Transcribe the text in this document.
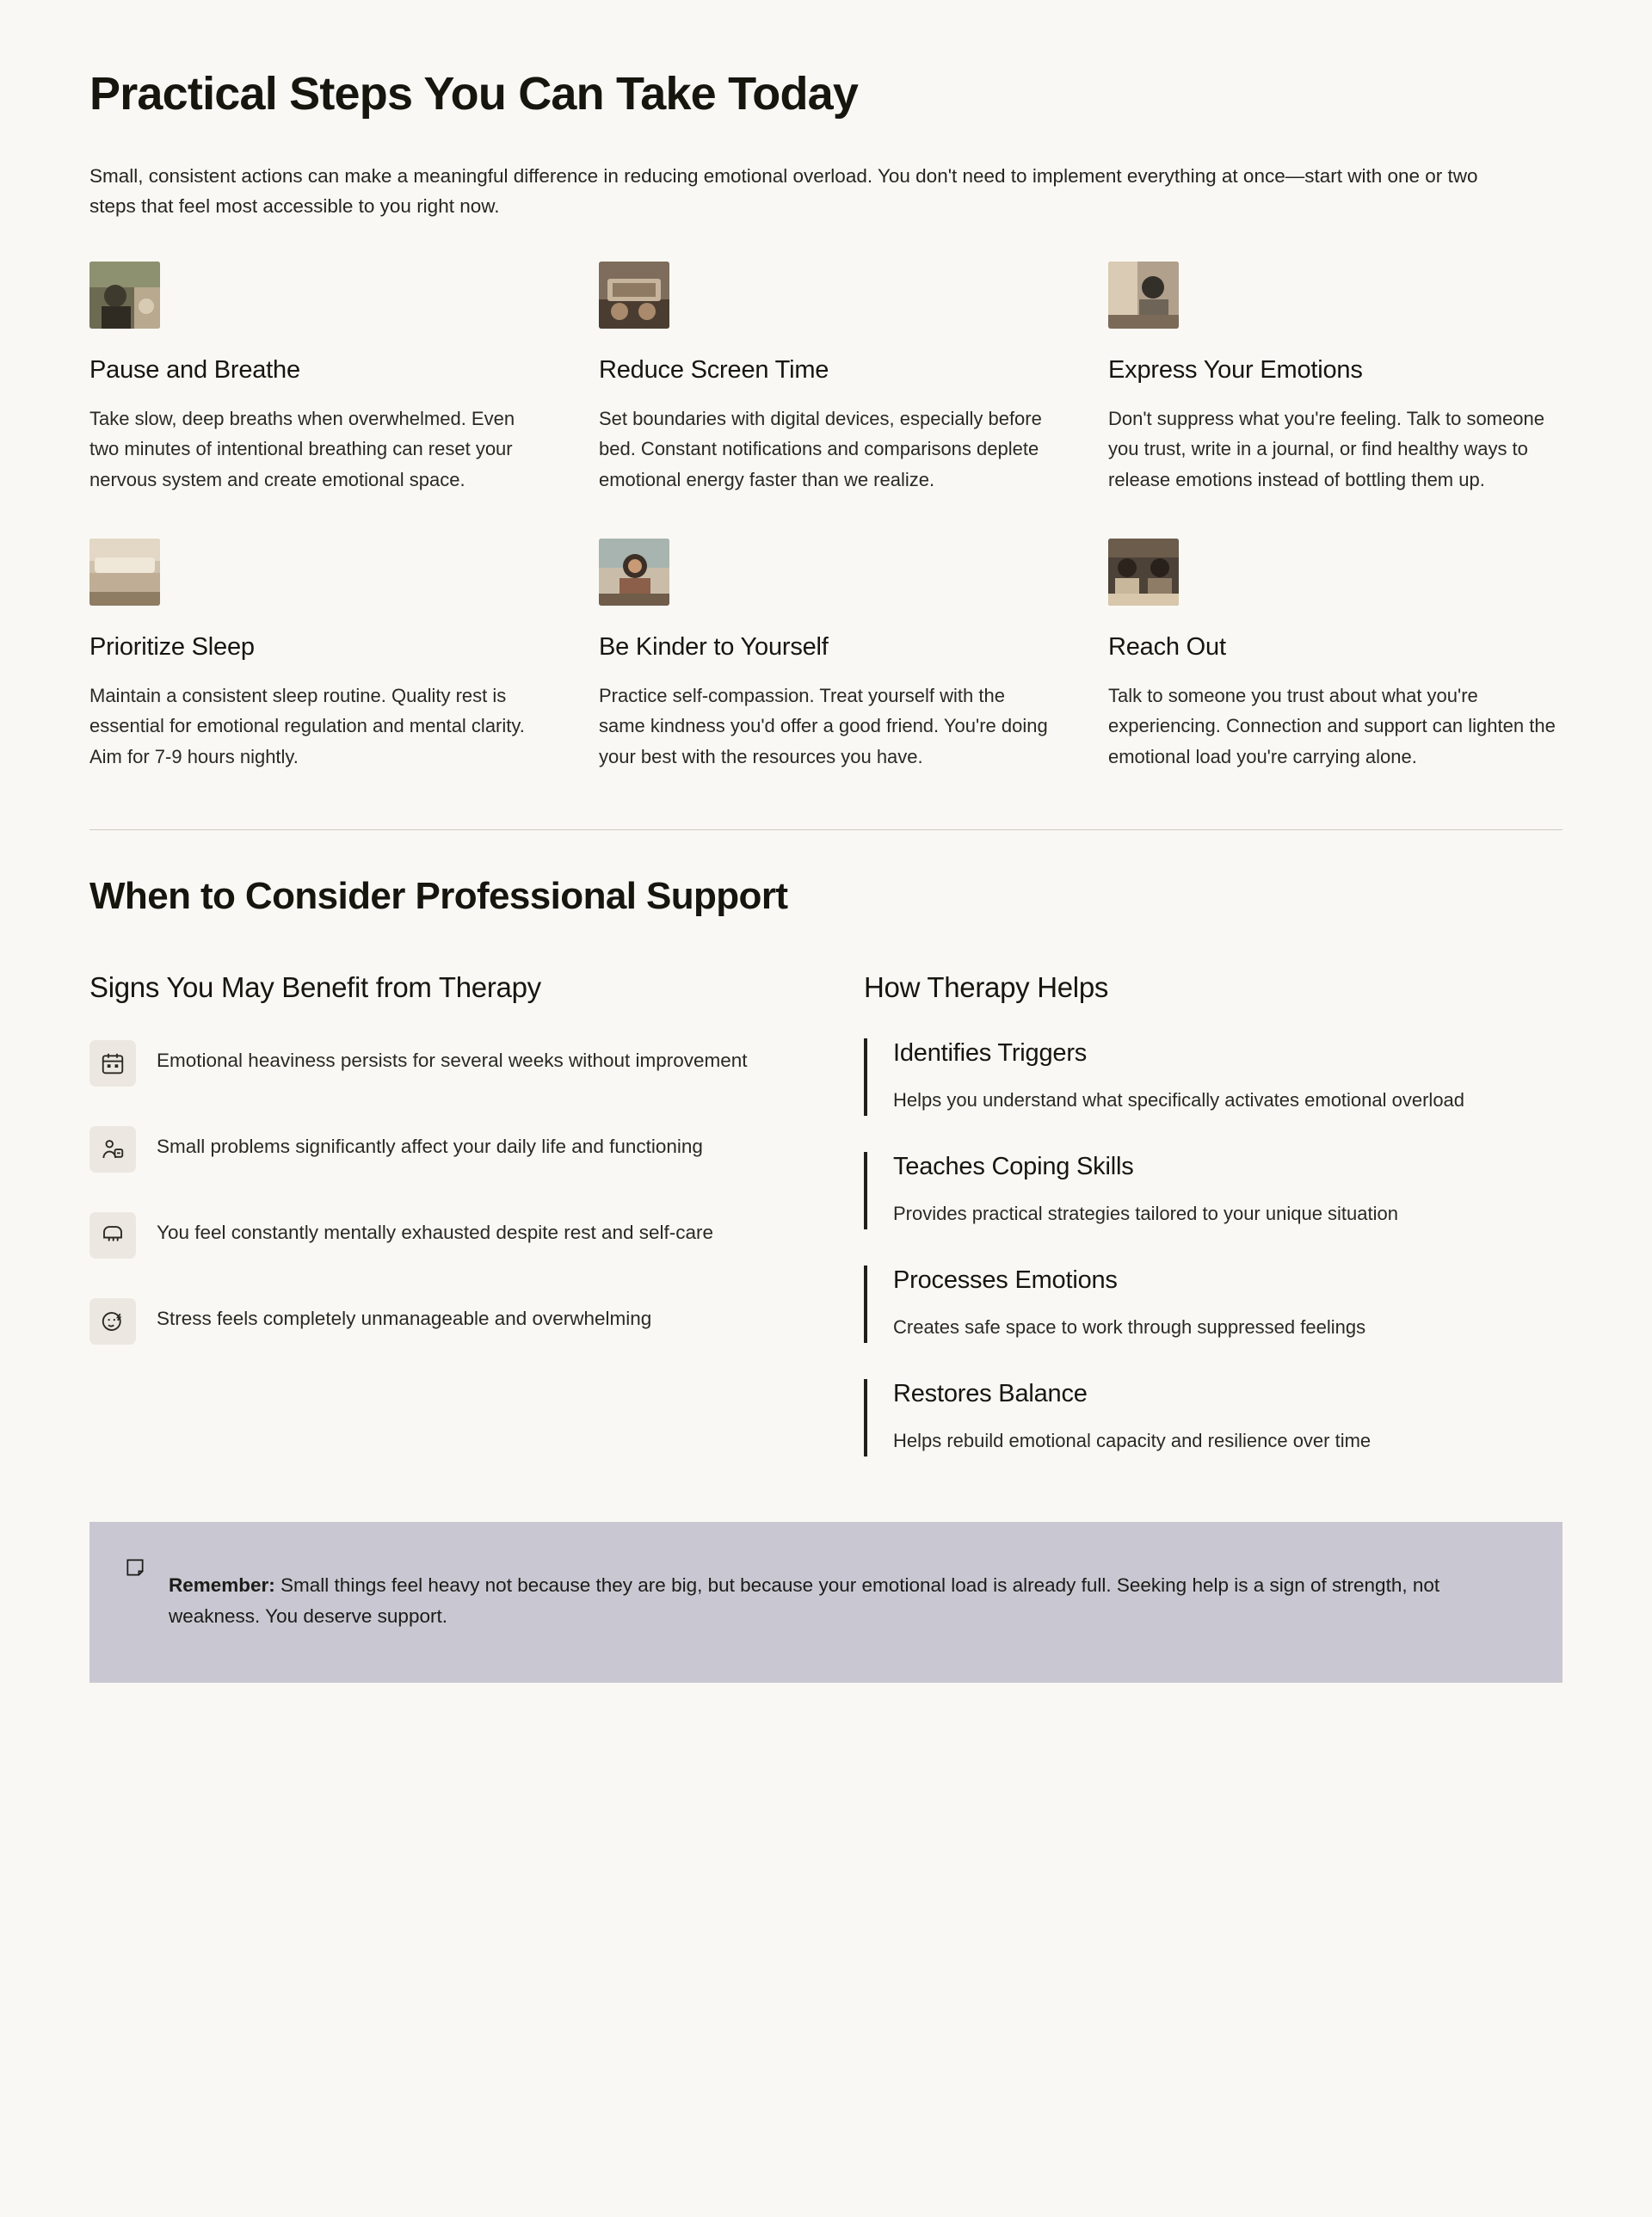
Practical Steps You Can Take Today

Small, consistent actions can make a meaningful difference in reducing emotional overload. You don't need to implement everything at once—start with one or two steps that feel most accessible to you right now.

Pause and Breathe

Take slow, deep breaths when overwhelmed. Even two minutes of intentional breathing can reset your nervous system and create emotional space.

Reduce Screen Time

Set boundaries with digital devices, especially before bed. Constant notifications and comparisons deplete emotional energy faster than we realize.

Express Your Emotions

Don't suppress what you're feeling. Talk to someone you trust, write in a journal, or find healthy ways to release emotions instead of bottling them up.

Prioritize Sleep

Maintain a consistent sleep routine. Quality rest is essential for emotional regulation and mental clarity. Aim for 7-9 hours nightly.

Be Kinder to Yourself

Practice self-compassion. Treat yourself with the same kindness you'd offer a good friend. You're doing your best with the resources you have.

Reach Out

Talk to someone you trust about what you're experiencing. Connection and support can lighten the emotional load you're carrying alone.

When to Consider Professional Support
Signs You May Benefit from Therapy
Emotional heaviness persists for several weeks without improvement
Small problems significantly affect your daily life and functioning
You feel constantly mentally exhausted despite rest and self-care
Stress feels completely unmanageable and overwhelming
How Therapy Helps
Identifies Triggers

Helps you understand what specifically activates emotional overload

Teaches Coping Skills

Provides practical strategies tailored to your unique situation

Processes Emotions

Creates safe space to work through suppressed feelings

Restores Balance

Helps rebuild emotional capacity and resilience over time

Remember: Small things feel heavy not because they are big, but because your emotional load is already full. Seeking help is a sign of strength, not weakness. You deserve support.
